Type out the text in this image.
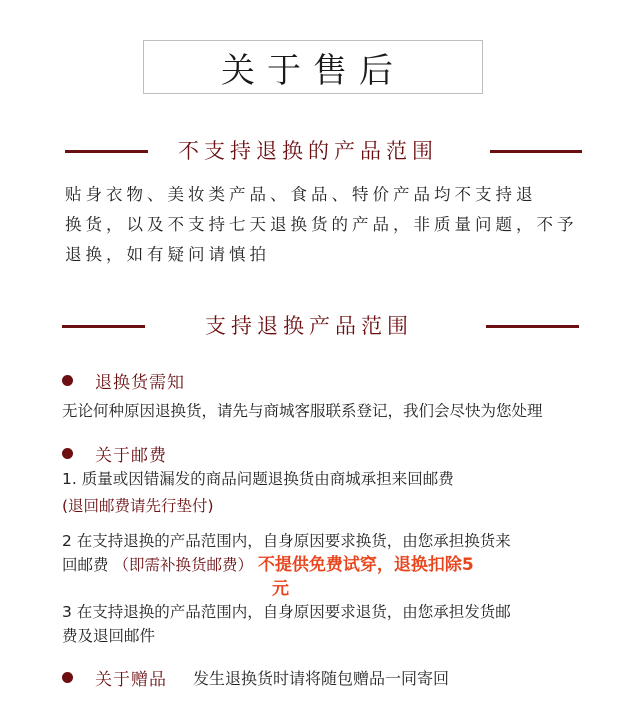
关于售后
不支持退换的产品范围
贴身衣物、美妆类产品、食品、特价产品均不支持退
换货，以及不支持七天退换货的产品，非质量问题，不予
退换，如有疑问请慎拍
支持退换产品范围
退换货需知
无论何种原因退换货，请先与商城客服联系登记，我们会尽快为您处理
关于邮费
1. 质量或因错漏发的商品问题退换货由商城承担来回邮费
(退回邮费请先行垫付)
2 在支持退换的产品范围内，自身原因要求换货，由您承担换货来
回邮费 （即需补换货邮费） 不提供免费试穿，退换扣除5
元
3 在支持退换的产品范围内，自身原因要求退货，由您承担发货邮
费及退回邮件
关于赠品 发生退换货时请将随包赠品一同寄回
